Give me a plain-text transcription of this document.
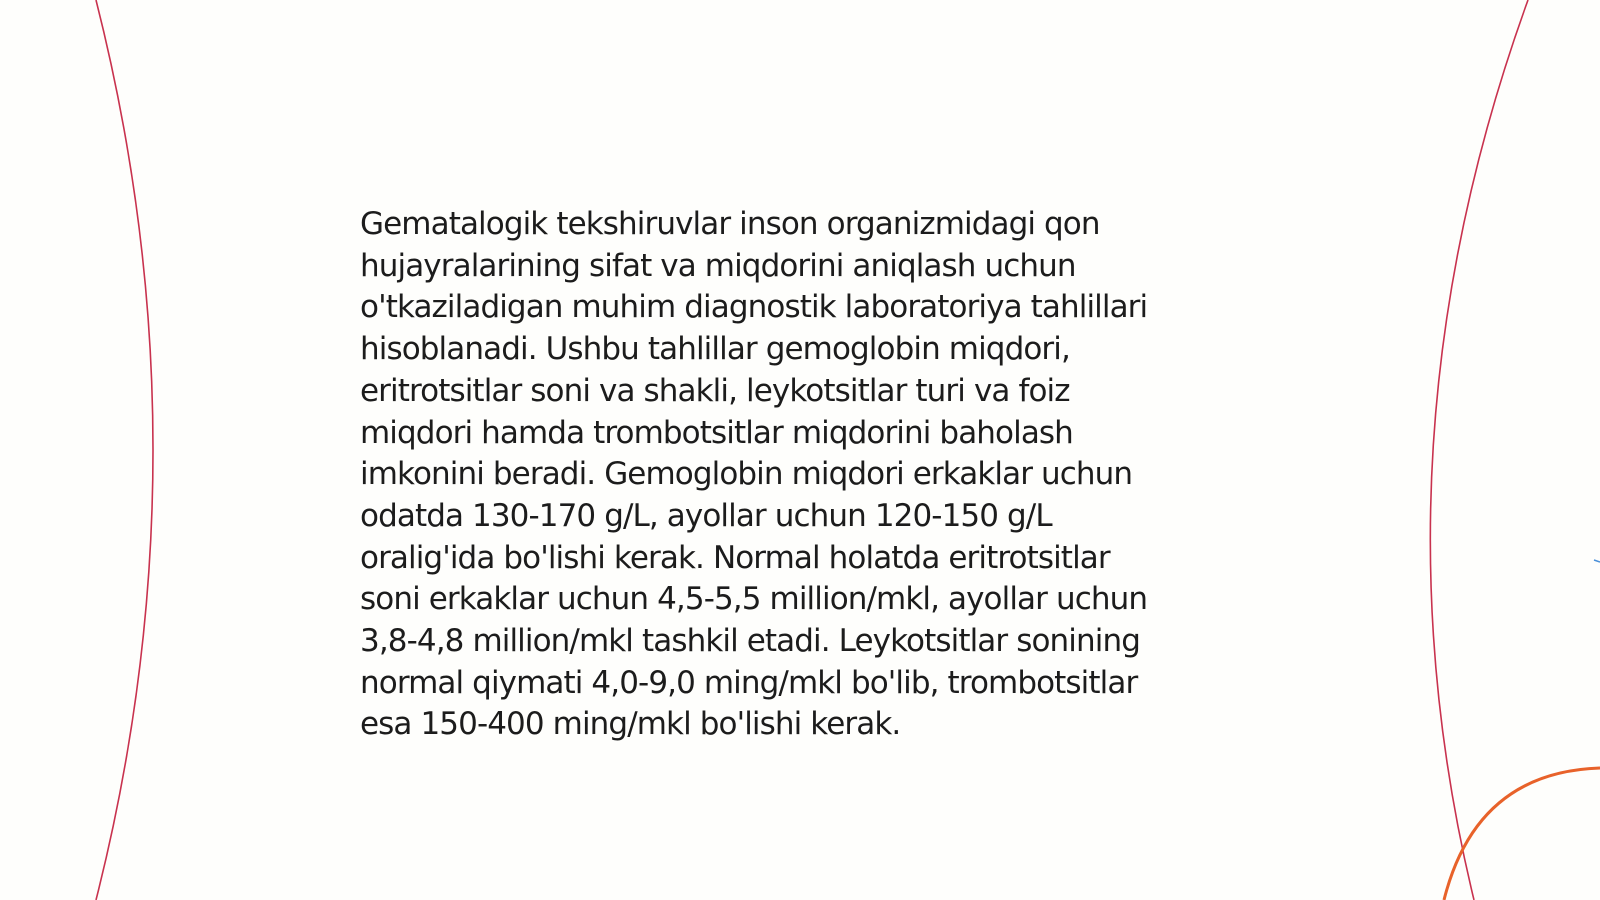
Gematalogik tekshiruvlar inson organizmidagi qon
hujayralarining sifat va miqdorini aniqlash uchun
o'tkaziladigan muhim diagnostik laboratoriya tahlillari
hisoblanadi. Ushbu tahlillar gemoglobin miqdori,
eritrotsitlar soni va shakli, leykotsitlar turi va foiz
miqdori hamda trombotsitlar miqdorini baholash
imkonini beradi. Gemoglobin miqdori erkaklar uchun
odatda 130-170 g/L, ayollar uchun 120-150 g/L
oralig'ida bo'lishi kerak. Normal holatda eritrotsitlar
soni erkaklar uchun 4,5-5,5 million/mkl, ayollar uchun
3,8-4,8 million/mkl tashkil etadi. Leykotsitlar sonining
normal qiymati 4,0-9,0 ming/mkl bo'lib, trombotsitlar
esa 150-400 ming/mkl bo'lishi kerak.
